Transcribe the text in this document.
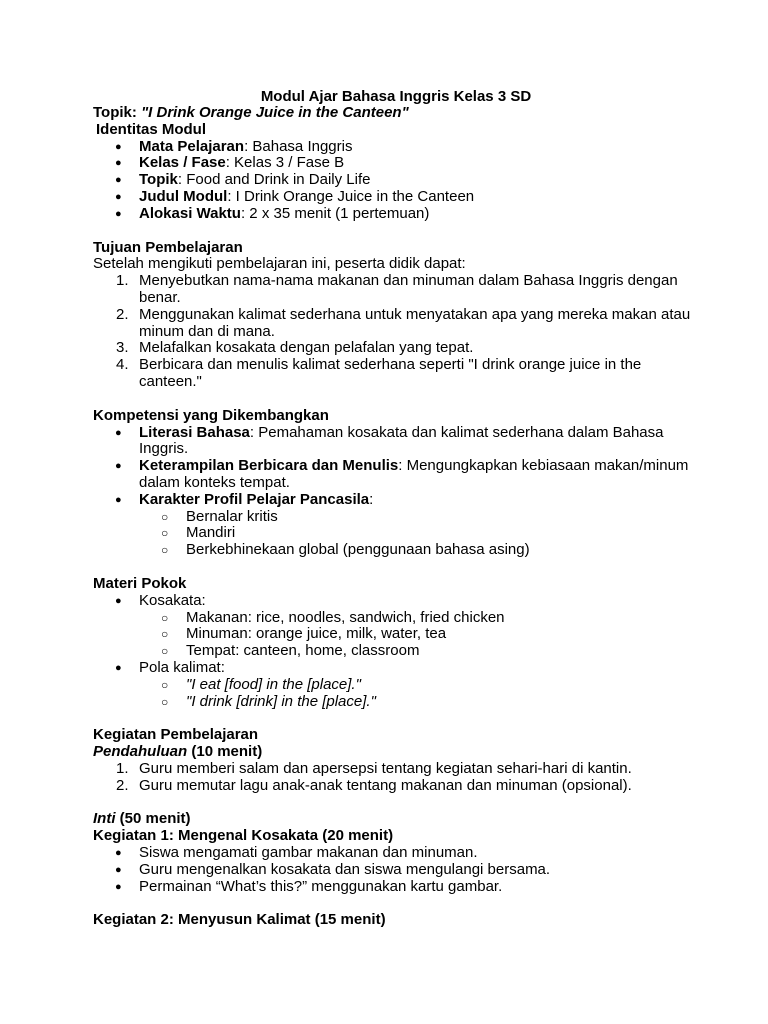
Modul Ajar Bahasa Inggris Kelas 3 SD

Topik: "I Drink Orange Juice in the Canteen"

Identitas Modul

● Mata Pelajaran: Bahasa Inggris
● Kelas / Fase: Kelas 3 / Fase B
● Topik: Food and Drink in Daily Life
● Judul Modul: I Drink Orange Juice in the Canteen
● Alokasi Waktu: 2 x 35 menit (1 pertemuan)

Tujuan Pembelajaran

Setelah mengikuti pembelajaran ini, peserta didik dapat:

1. Menyebutkan nama-nama makanan dan minuman dalam Bahasa Inggris dengan benar.
2. Menggunakan kalimat sederhana untuk menyatakan apa yang mereka makan atau minum dan di mana.
3. Melafalkan kosakata dengan pelafalan yang tepat.
4. Berbicara dan menulis kalimat sederhana seperti "I drink orange juice in the canteen."

Kompetensi yang Dikembangkan

● Literasi Bahasa: Pemahaman kosakata dan kalimat sederhana dalam Bahasa Inggris.
● Keterampilan Berbicara dan Menulis: Mengungkapkan kebiasaan makan/minum dalam konteks tempat.
● Karakter Profil Pelajar Pancasila:
○ Bernalar kritis
○ Mandiri
○ Berkebhinekaan global (penggunaan bahasa asing)

Materi Pokok

● Kosakata:
○ Makanan: rice, noodles, sandwich, fried chicken
○ Minuman: orange juice, milk, water, tea
○ Tempat: canteen, home, classroom
● Pola kalimat:
○ "I eat [food] in the [place]."
○ "I drink [drink] in the [place]."

Kegiatan Pembelajaran

Pendahuluan (10 menit)

1. Guru memberi salam dan apersepsi tentang kegiatan sehari-hari di kantin.
2. Guru memutar lagu anak-anak tentang makanan dan minuman (opsional).

Inti (50 menit)

Kegiatan 1: Mengenal Kosakata (20 menit)

● Siswa mengamati gambar makanan dan minuman.
● Guru mengenalkan kosakata dan siswa mengulangi bersama.
● Permainan “What’s this?” menggunakan kartu gambar.

Kegiatan 2: Menyusun Kalimat (15 menit)
